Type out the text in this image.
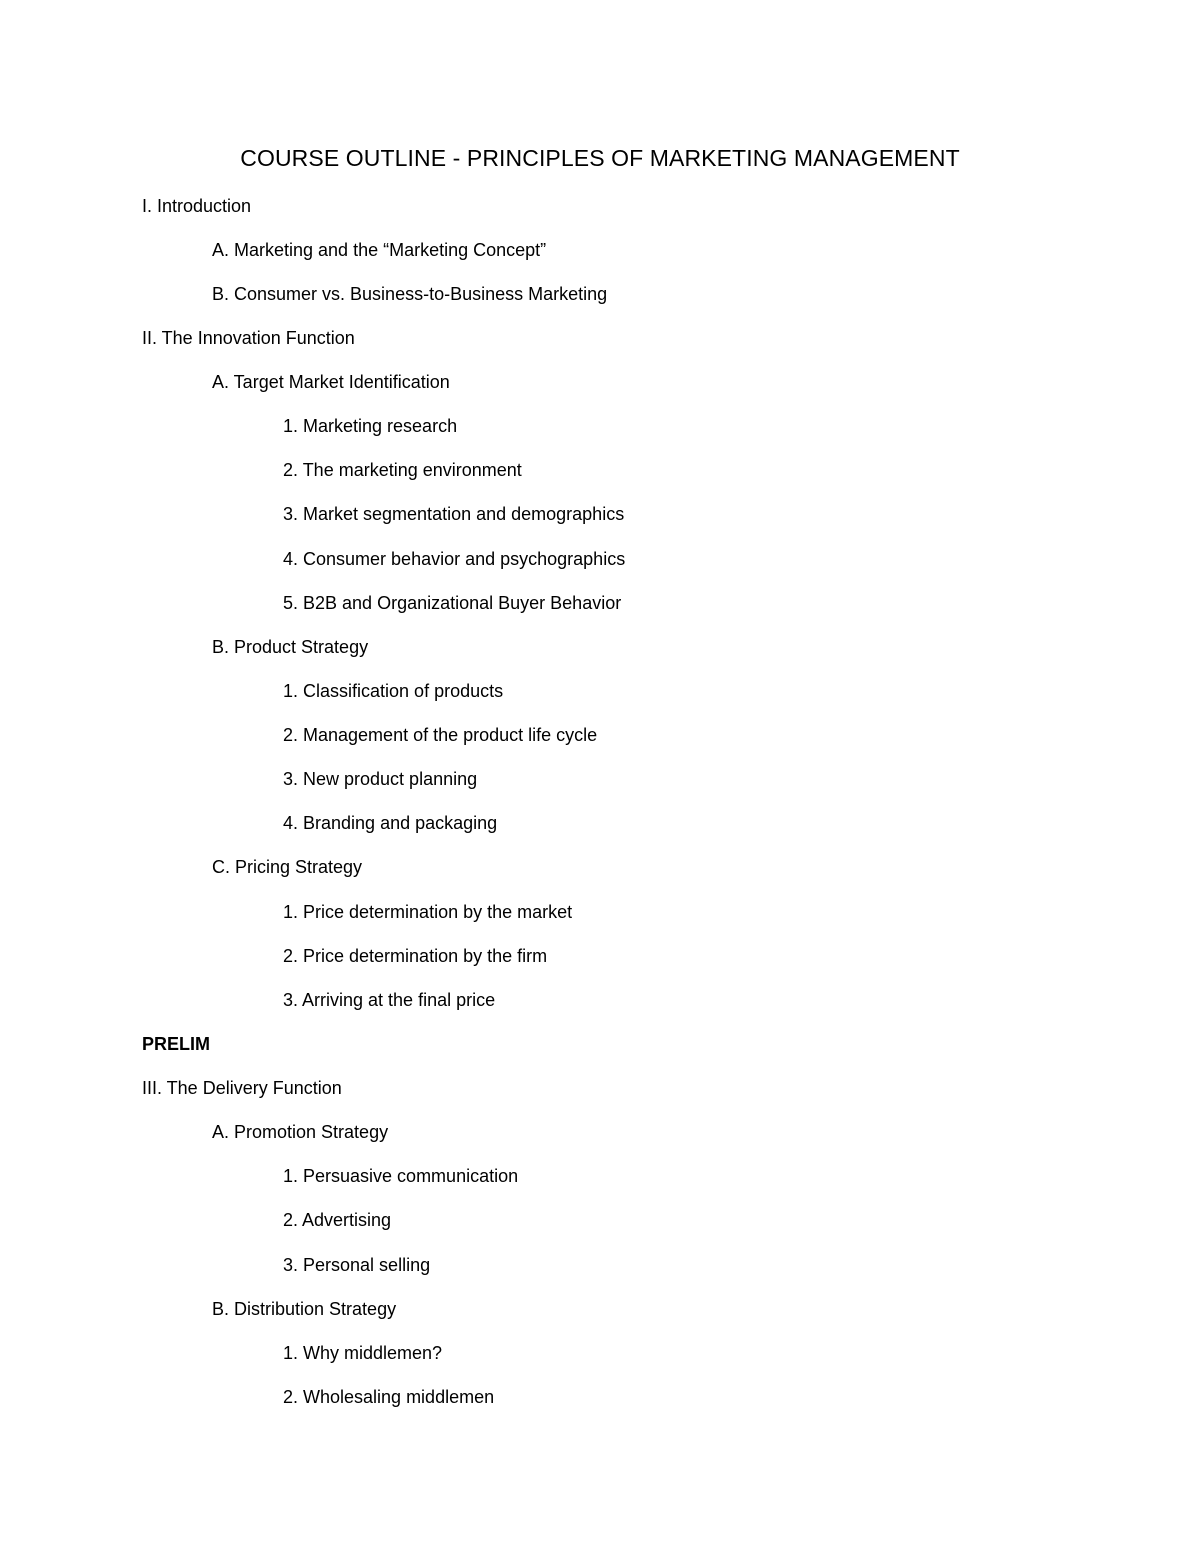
COURSE OUTLINE - PRINCIPLES OF MARKETING MANAGEMENT
I. Introduction
A. Marketing and the “Marketing Concept”
B. Consumer vs. Business-to-Business Marketing
II. The Innovation Function
A. Target Market Identification
1. Marketing research
2. The marketing environment
3. Market segmentation and demographics
4. Consumer behavior and psychographics
5. B2B and Organizational Buyer Behavior
B. Product Strategy
1. Classification of products
2. Management of the product life cycle
3. New product planning
4. Branding and packaging
C. Pricing Strategy
1. Price determination by the market
2. Price determination by the firm
3. Arriving at the final price
PRELIM
III. The Delivery Function
A. Promotion Strategy
1. Persuasive communication
2. Advertising
3. Personal selling
B. Distribution Strategy
1. Why middlemen?
2. Wholesaling middlemen
